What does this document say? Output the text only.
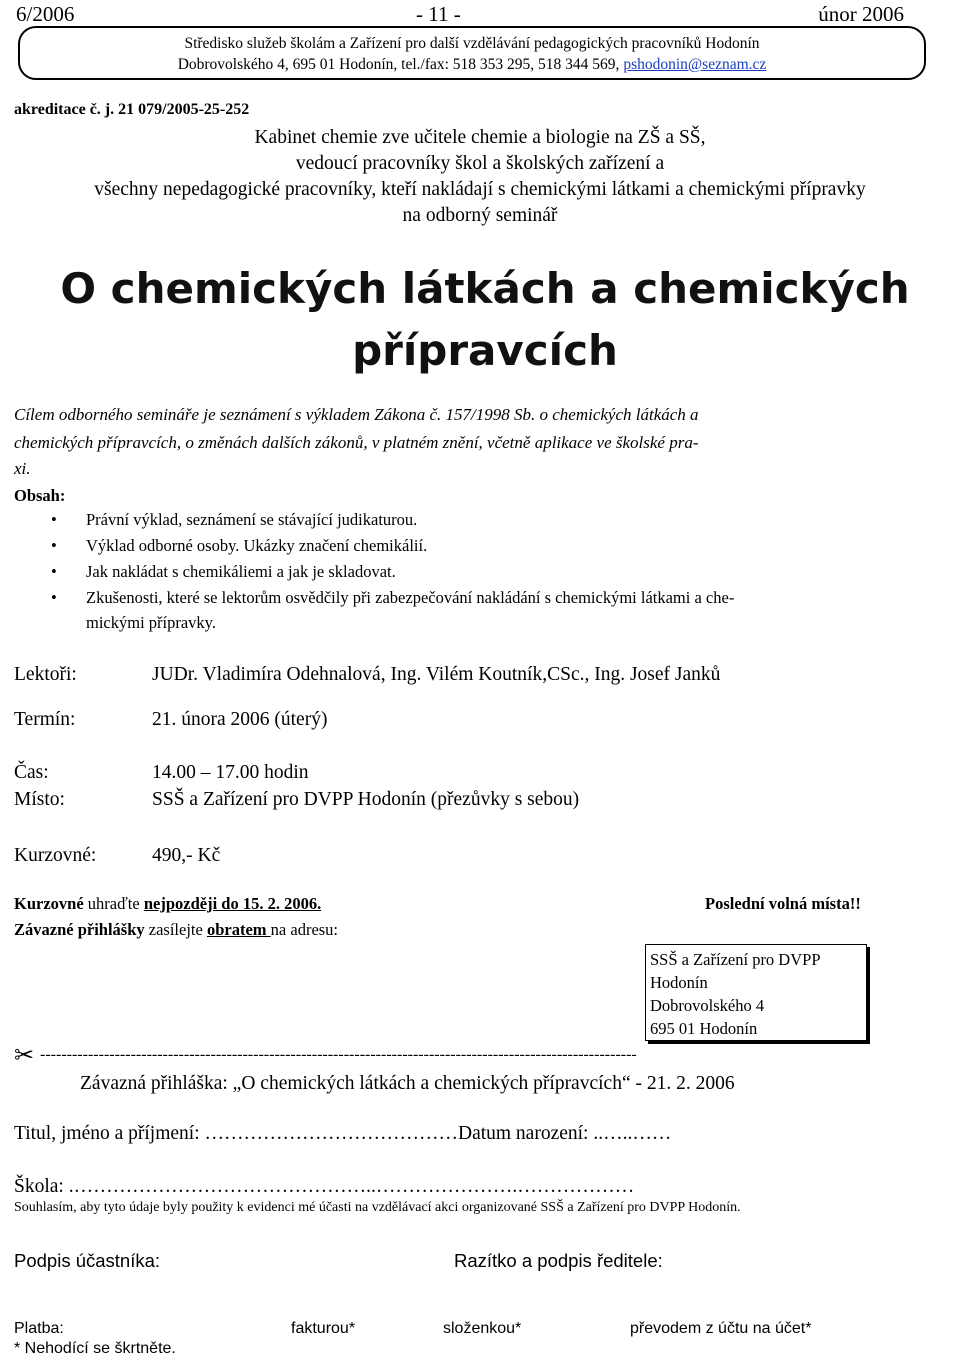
6/2006	- 11 -	únor 2006
Středisko služeb školám a Zařízení pro další vzdělávání pedagogických pracovníků Hodonín
Dobrovolského 4, 695 01 Hodonín, tel./fax: 518 353 295, 518 344 569, pshodonin@seznam.cz
akreditace č. j. 21 079/2005-25-252
Kabinet chemie zve učitele chemie a biologie na ZŠ a SŠ,
vedoucí pracovníky škol a školských zařízení a
všechny nepedagogické pracovníky, kteří nakládají s chemickými látkami a chemickými přípravky
na odborný seminář
O chemických látkách a chemických
přípravcích
Cílem odborného semináře je seznámení s výkladem Zákona č. 157/1998 Sb. o chemických látkách a
chemických přípravcích, o změnách dalších zákonů, v platném znění, včetně aplikace ve školské pra-
xi.
Obsah:
• Právní výklad, seznámení se stávající judikaturou.
• Výklad odborné osoby. Ukázky značení chemikálií.
• Jak nakládat s chemikáliemi a jak je skladovat.
• Zkušenosti, které se lektorům osvědčily při zabezpečování nakládání s chemickými látkami a che-
mickými přípravky.
Lektoři:	JUDr. Vladimíra Odehnalová, Ing. Vilém Koutník,CSc., Ing. Josef Janků
Termín:	21. února 2006 (úterý)
Čas:	14.00 – 17.00 hodin
Místo:	SSŠ a Zařízení pro DVPP Hodonín (přezůvky s sebou)
Kurzovné:	490,- Kč
Kurzovné uhraďte nejpozději do 15. 2. 2006.	Poslední volná místa!!
Závazné přihlášky zasílejte obratem na adresu:
SSŠ a Zařízení pro DVPP
Hodonín
Dobrovolského 4
695 01 Hodonín
✂ ----------------------------------------------------------------------------------------------------------------
Závazná přihláška: „O chemických látkách a chemických přípravcích“ - 21. 2. 2006
Titul, jméno a příjmení: …………………………………Datum narození: ..…..……
Škola: .………………………………………..………………….………………
Souhlasím, aby tyto údaje byly použity k evidenci mé účasti na vzdělávací akci organizované SSŠ a Zařízení pro DVPP Hodonín.
Podpis účastníka:	Razítko a podpis ředitele:
Platba:	fakturou*	složenkou*	převodem z účtu na účet*
* Nehodící se škrtněte.
